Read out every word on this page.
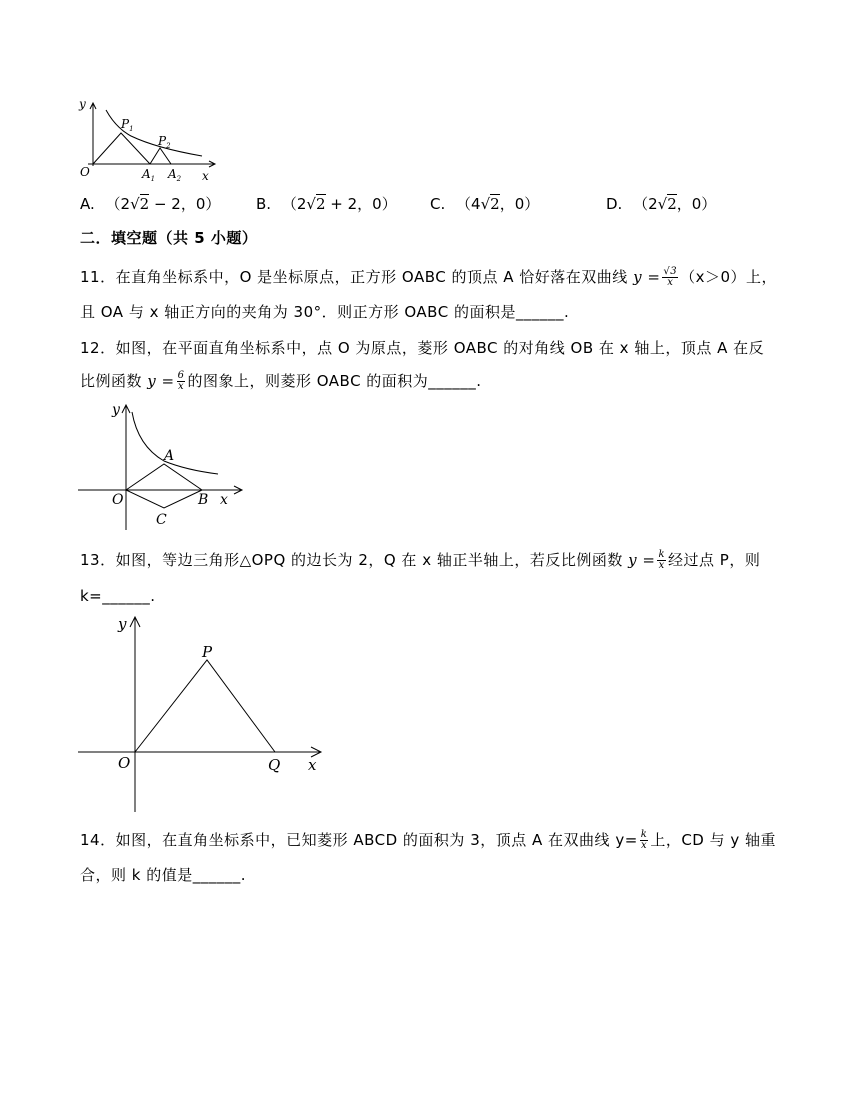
y
O	x
$P_1$
$P_2$
$A_1$ $A_2$
A. （2√2 − 2，0） B. （2√2 + 2，0） C. （4√2，0）	D. （2√2，0）
二．填空题（共 5 小题）
11．在直角坐标系中，O 是坐标原点，正方形 OABC 的顶点 A 恰好落在双曲线 $y = \frac{√3}{x} (x>0)$上，
且 OA 与 x 轴正方向的夹角为 30°．则正方形 OABC 的面积是______.
12．如图，在平面直角坐标系中，点 O 为原点，菱形 OABC 的对角线 OB 在 x 轴上，顶点 A 在反
比例函数 $y = \frac{6}{x}$ 的图象上，则菱形 OABC 的面积为______.
y
A
O	B x
C
13．如图，等边三角形△OPQ 的边长为 2，Q 在 x 轴正半轴上，若反比例函数 $y = \frac{k}{x}$ 经过点 P，则
k=______.
y
P
O	Q x
14．如图，在直角坐标系中，已知菱形 ABCD 的面积为 3，顶点 A 在双曲线 $y= \frac{k}{x}$ 上，CD 与 y 轴重
合，则 k 的值是______.
